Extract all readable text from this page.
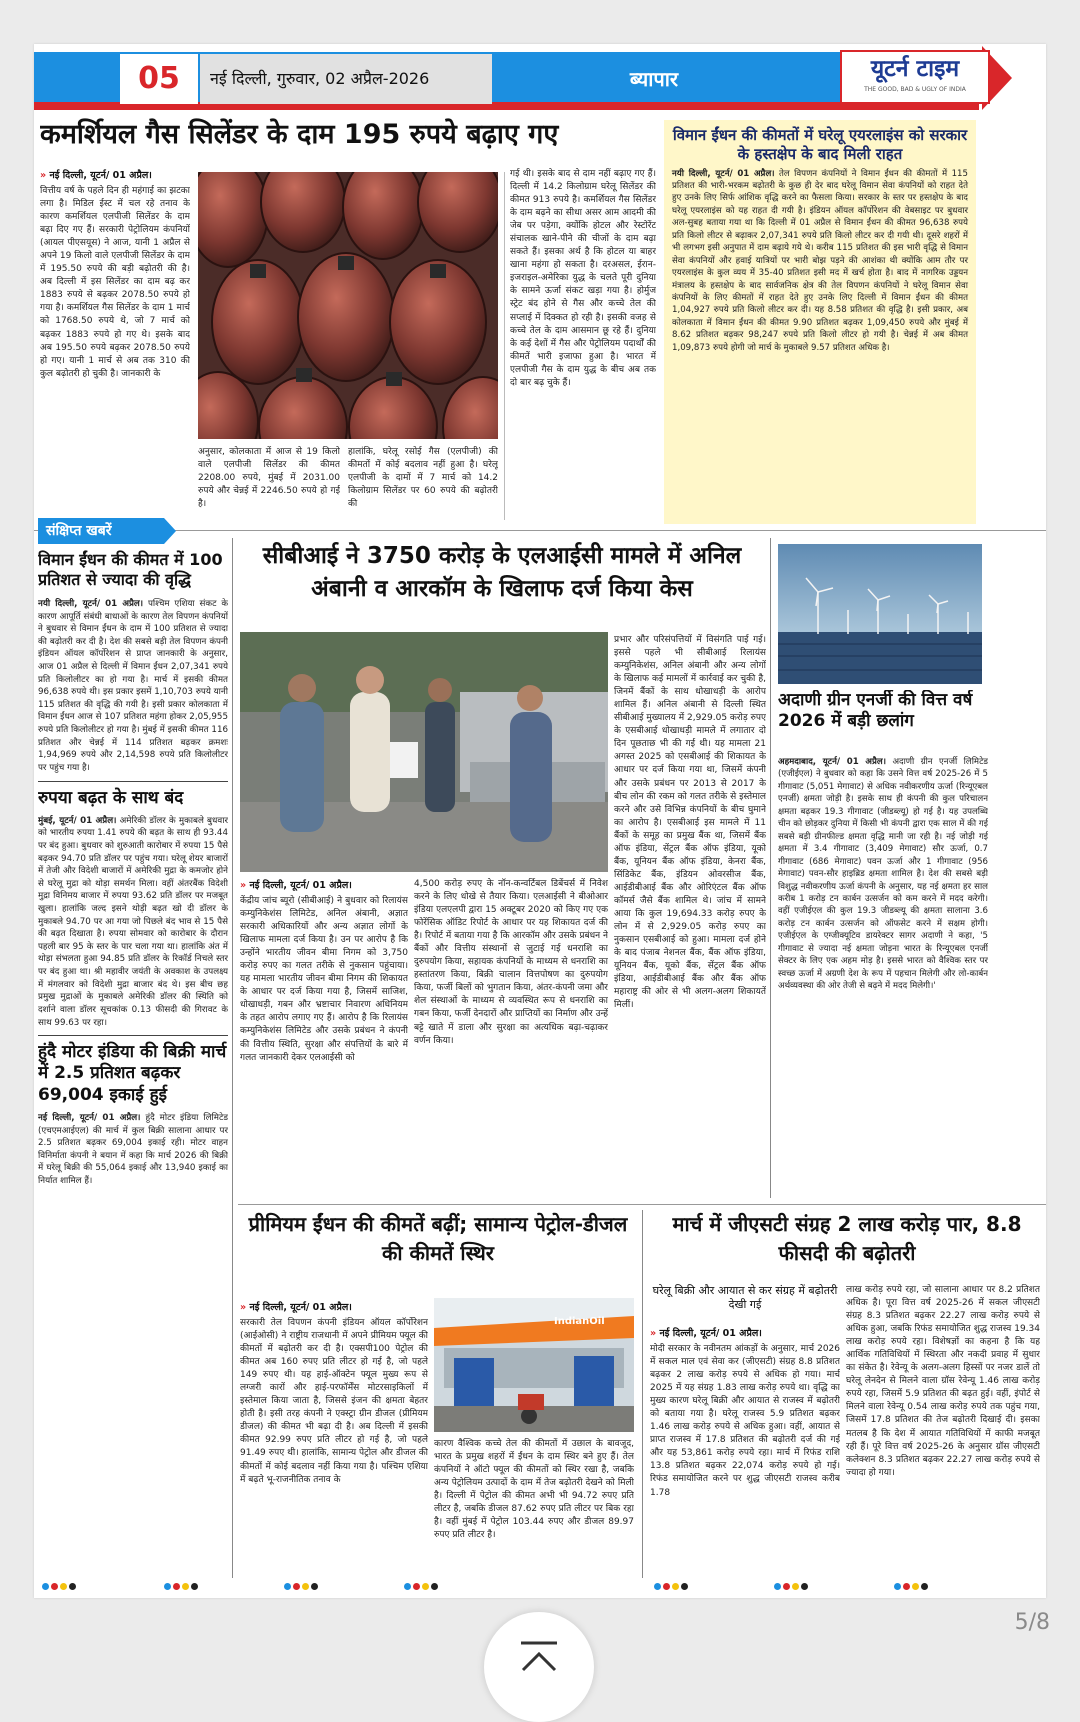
05	नई दिल्ली, गुरुवार, 02 अप्रैल-2026	ब्यापार	यूटर्न टाइम
THE GOOD, BAD & UGLY OF INDIA
कमर्शियल गैस सिलेंडर के दाम 195 रुपये बढ़ाए गए
» नई दिल्ली, यूटर्न/ 01 अप्रैल।

वित्तीय वर्ष के पहले दिन ही महंगाई का झटका लगा है। मिडिल ईस्ट में चल रहे तनाव के कारण कमर्शियल एलपीजी सिलेंडर के दाम बढ़ा दिए गए हैं। सरकारी पेट्रोलियम कंपनियों (आयल पीएसयूस) ने आज, यानी 1 अप्रैल से अपने 19 किलो वाले एलपीजी सिलेंडर के दाम में 195.50 रुपये की बड़ी बढ़ोतरी की है। अब दिल्ली में इस सिलेंडर का दाम बढ़ कर 1883 रुपये से बढ़कर 2078.50 रुपये हो गया है। कमर्शियल गैस सिलेंडर के दाम 1 मार्च को 1768.50 रुपये थे, जो 7 मार्च को बढ़कर 1883 रुपये हो गए थे। इसके बाद अब 195.50 रुपये बढ़कर 2078.50 रुपये हो गए। यानी 1 मार्च से अब तक 310 की कुल बढ़ोतरी हो चुकी है। जानकारी के

अनुसार, कोलकाता में आज से 19 किलो वाले एलपीजी सिलेंडर की कीमत 2208.00 रुपये, मुंबई में 2031.00 रुपये और चेन्नई में 2246.50 रुपये हो गई है।

हालांकि, घरेलू रसोई गैस (एलपीजी) की कीमतों में कोई बदलाव नहीं हुआ है। घरेलू एलपीजी के दामों में 7 मार्च को 14.2 किलोग्राम सिलेंडर पर 60 रुपये की बढ़ोतरी की

गई थी। इसके बाद से दाम नहीं बढ़ाए गए हैं। दिल्ली में 14.2 किलोग्राम घरेलू सिलेंडर की कीमत 913 रुपये है। कमर्शियल गैस सिलेंडर के दाम बढ़ने का सीधा असर आम आदमी की जेब पर पड़ेगा, क्योंकि होटल और रेस्टोरेंट संचालक खाने-पीने की चीजों के दाम बढ़ा सकते हैं। इसका अर्थ है कि होटल या बाहर खाना महंगा हो सकता है। दरअसल, ईरान-इजराइल-अमेरिका युद्ध के चलते पूरी दुनिया के सामने ऊर्जा संकट खड़ा गया है। होर्मुज स्ट्रेट बंद होने से गैस और कच्चे तेल की सप्लाई में दिक्कत हो रही है। इसकी वजह से कच्चे तेल के दाम आसमान छू रहे हैं। दुनिया के कई देशों में गैस और पेट्रोलियम पदार्थों की कीमतें भारी इजाफा हुआ है। भारत में एलपीजी गैस के दाम युद्ध के बीच अब तक दो बार बढ़ चुके हैं।

विमान ईंधन की कीमतों में घरेलू एयरलाइंस को सरकार के हस्तक्षेप के बाद मिली राहत

नयी दिल्ली, यूटर्न/ 01 अप्रैल। तेल विपणन कंपनियों ने विमान ईंधन की कीमतों में 115 प्रतिशत की भारी-भरकम बढ़ोतरी के कुछ ही देर बाद घरेलू विमान सेवा कंपनियों को राहत देते हुए उनके लिए सिर्फ आंशिक वृद्धि करने का फैसला किया। सरकार के स्तर पर हस्तक्षेप के बाद घरेलू एयरलाइंस को यह राहत दी गयी है। इंडियन ऑयल कॉर्पोरेशन की वेबसाइट पर बुधवार अल-सुबह बताया गया था कि दिल्ली में 01 अप्रैल से विमान ईंधन की कीमत 96,638 रुपये प्रति किलो लीटर से बढ़ाकर 2,07,341 रुपये प्रति किलो लीटर कर दी गयी थी। दूसरे शहरों में भी लगभग इसी अनुपात में दाम बढ़ाये गये थे। करीब 115 प्रतिशत की इस भारी वृद्धि से विमान सेवा कंपनियों और हवाई यात्रियों पर भारी बोझ पड़ने की आशंका थी क्योंकि आम तौर पर एयरलाइंस के कुल व्यय में 35-40 प्रतिशत इसी मद में खर्च होता है। बाद में नागरिक उड्डयन मंत्रालय के हस्तक्षेप के बाद सार्वजनिक क्षेत्र की तेल विपणन कंपनियों ने घरेलू विमान सेवा कंपनियों के लिए कीमतों में राहत देते हुए उनके लिए दिल्ली में विमान ईंधन की कीमत 1,04,927 रुपये प्रति किलो लीटर कर दी। यह 8.58 प्रतिशत की वृद्धि है। इसी प्रकार, अब कोलकाता में विमान ईंधन की कीमत 9.90 प्रतिशत बढ़कर 1,09,450 रुपये और मुंबई में 8.62 प्रतिशत बढ़कर 98,247 रुपये प्रति किलो लीटर हो गयी है। चेन्नई में अब कीमत 1,09,873 रुपये होगी जो मार्च के मुकाबले 9.57 प्रतिशत अधिक है।

संक्षिप्त खबरें
विमान ईंधन की कीमत में 100 प्रतिशत से ज्यादा की वृद्धि

नयी दिल्ली, यूटर्न/ 01 अप्रैल। पश्चिम एशिया संकट के कारण आपूर्ति संबंधी बाधाओं के कारण तेल विपणन कंपनियों ने बुधवार से विमान ईंधन के दाम में 100 प्रतिशत से ज्यादा की बढ़ोतरी कर दी है। देश की सबसे बड़ी तेल विपणन कंपनी इंडियन ऑयल कॉर्पोरेशन से प्राप्त जानकारी के अनुसार, आज 01 अप्रैल से दिल्ली में विमान ईंधन 2,07,341 रुपये प्रति किलोलीटर का हो गया है। मार्च में इसकी कीमत 96,638 रुपये थी। इस प्रकार इसमें 1,10,703 रुपये यानी 115 प्रतिशत की वृद्धि की गयी है। इसी प्रकार कोलकाता में विमान ईंधन आज से 107 प्रतिशत महंगा होकर 2,05,955 रुपये प्रति किलोलीटर हो गया है। मुंबई में इसकी कीमत 116 प्रतिशत और चेन्नई में 114 प्रतिशत बढ़कर क्रमशः 1,94,969 रुपये और 2,14,598 रुपये प्रति किलोलीटर पर पहुंच गया है।

रुपया बढ़त के साथ बंद

मुंबई, यूटर्न/ 01 अप्रैल। अमेरिकी डॉलर के मुकाबले बुधवार को भारतीय रुपया 1.41 रुपये की बढ़त के साथ ही 93.44 पर बंद हुआ। बुधवार को शुरुआती कारोबार में रुपया 15 पैसे बढ़कर 94.70 प्रति डॉलर पर पहुंच गया। घरेलू शेयर बाजारों में तेजी और विदेशी बाजारों में अमेरिकी मुद्रा के कमजोर होने से घरेलू मुद्रा को थोड़ा समर्थन मिला। वहीं अंतरबैंक विदेशी मुद्रा विनिमय बाजार में रुपया 93.62 प्रति डॉलर पर मजबूत खुला। हालांकि जल्द इसने थोड़ी बढ़त खो दी डॉलर के मुकाबले 94.70 पर आ गया जो पिछले बंद भाव से 15 पैसे की बढ़त दिखाता है। रुपया सोमवार को कारोबार के दौरान पहली बार 95 के स्तर के पार चला गया था। हालांकि अंत में थोड़ा संभलता हुआ 94.85 प्रति डॉलर के रिकॉर्ड निचले स्तर पर बंद हुआ था। श्री महावीर जयंती के अवकाश के उपलक्ष्य में मंगलवार को विदेशी मुद्रा बाजार बंद थे। इस बीच छह प्रमुख मुद्राओं के मुकाबले अमेरिकी डॉलर की स्थिति को दर्शाने वाला डॉलर सूचकांक 0.13 फीसदी की गिरावट के साथ 99.63 पर रहा।

हुंदै मोटर इंडिया की बिक्री मार्च में 2.5 प्रतिशत बढ़कर 69,004 इकाई हुई

नई दिल्ली, यूटर्न/ 01 अप्रैल। हुंदै मोटर इंडिया लिमिटेड (एचएमआईएल) की मार्च में कुल बिक्री सालाना आधार पर 2.5 प्रतिशत बढ़कर 69,004 इकाई रही। मोटर वाहन विनिर्माता कंपनी ने बयान में कहा कि मार्च 2026 की बिक्री में घरेलू बिक्री की 55,064 इकाई और 13,940 इकाई का निर्यात शामिल हैं।

सीबीआई ने 3750 करोड़ के एलआईसी मामले में अनिल अंबानी व आरकॉम के खिलाफ दर्ज किया केस
» नई दिल्ली, यूटर्न/ 01 अप्रैल।

केंद्रीय जांच ब्यूरो (सीबीआई) ने बुधवार को रिलायंस कम्युनिकेशंस लिमिटेड, अनिल अंबानी, अज्ञात सरकारी अधिकारियों और अन्य अज्ञात लोगों के खिलाफ मामला दर्ज किया है। उन पर आरोप है कि उन्होंने भारतीय जीवन बीमा निगम को 3,750 करोड़ रुपए का गलत तरीके से नुकसान पहुंचाया। यह मामला भारतीय जीवन बीमा निगम की शिकायत के आधार पर दर्ज किया गया है, जिसमें साजिश, धोखाधड़ी, गबन और भ्रष्टाचार निवारण अधिनियम के तहत आरोप लगाए गए हैं। आरोप है कि रिलायंस कम्युनिकेशंस लिमिटेड और उसके प्रबंधन ने कंपनी की वित्तीय स्थिति, सुरक्षा और संपत्तियों के बारे में गलत जानकारी देकर एलआईसी को

4,500 करोड़ रुपए के नॉन-कन्वर्टिबल डिबेंचर्स में निवेश करने के लिए धोखे से तैयार किया। एलआईसी ने बीओआर इंडिया एलएलपी द्वारा 15 अक्टूबर 2020 को किए गए एक फोरेंसिक ऑडिट रिपोर्ट के आधार पर यह शिकायत दर्ज की है। रिपोर्ट में बताया गया है कि आरकॉम और उसके प्रबंधन ने बैंकों और वित्तीय संस्थानों से जुटाई गई धनराशि का दुरुपयोग किया, सहायक कंपनियों के माध्यम से धनराशि का हस्तांतरण किया, बिक्री चालान वित्तपोषण का दुरुपयोग किया, फर्जी बिलों को भुगतान किया, अंतर-कंपनी जमा और शेल संस्थाओं के माध्यम से व्यवस्थित रूप से धनराशि का गबन किया, फर्जी देनदारों और प्राप्तियों का निर्माण और उन्हें बट्टे खाते में डाला और सुरक्षा का अत्यधिक बढ़ा-चढ़ाकर वर्णन किया।

प्रभार और परिसंपत्तियों में विसंगति पाई गई। इससे पहले भी सीबीआई रिलायंस कम्युनिकेशंस, अनिल अंबानी और अन्य लोगों के खिलाफ कई मामलों में कार्रवाई कर चुकी है, जिनमें बैंकों के साथ धोखाधड़ी के आरोप शामिल हैं। अनिल अंबानी से दिल्ली स्थित सीबीआई मुख्यालय में 2,929.05 करोड़ रुपए के एसबीआई धोखाधड़ी मामले में लगातार दो दिन पूछताछ भी की गई थी। यह मामला 21 अगस्त 2025 को एसबीआई की शिकायत के आधार पर दर्ज किया गया था, जिसमें कंपनी और उसके प्रबंधन पर 2013 से 2017 के बीच लोन की रकम को गलत तरीके से इस्तेमाल करने और उसे विभिन्न कंपनियों के बीच घुमाने का आरोप है। एसबीआई इस मामले में 11 बैंकों के समूह का प्रमुख बैंक था, जिसमें बैंक ऑफ इंडिया, सेंट्रल बैंक ऑफ इंडिया, यूको बैंक, यूनियन बैंक ऑफ इंडिया, केनरा बैंक, सिंडिकेट बैंक, इंडियन ओवरसीज बैंक, आईडीबीआई बैंक और ओरिएंटल बैंक ऑफ कॉमर्स जैसे बैंक शामिल थे। जांच में सामने आया कि कुल 19,694.33 करोड़ रुपए के लोन में से 2,929.05 करोड़ रुपए का नुकसान एसबीआई को हुआ। मामला दर्ज होने के बाद पंजाब नेशनल बैंक, बैंक ऑफ इंडिया, यूनियन बैंक, यूको बैंक, सेंट्रल बैंक ऑफ इंडिया, आईडीबीआई बैंक और बैंक ऑफ महाराष्ट्र की ओर से भी अलग-अलग शिकायतें मिलीं।

अदाणी ग्रीन एनर्जी की वित्त वर्ष 2026 में बड़ी छलांग

अहमदाबाद, यूटर्न/ 01 अप्रैल। अदाणी ग्रीन एनर्जी लिमिटेड (एजीईएल) ने बुधवार को कहा कि उसने वित्त वर्ष 2025-26 में 5 गीगावाट (5,051 मेगावाट) से अधिक नवीकरणीय ऊर्जा (रिन्यूएबल एनर्जी) क्षमता जोड़ी है। इसके साथ ही कंपनी की कुल परिचालन क्षमता बढ़कर 19.3 गीगावाट (जीडब्ल्यू) हो गई है। यह उपलब्धि चीन को छोड़कर दुनिया में किसी भी कंपनी द्वारा एक साल में की गई सबसे बड़ी ग्रीनफील्ड क्षमता वृद्धि मानी जा रही है। नई जोड़ी गई क्षमता में 3.4 गीगावाट (3,409 मेगावाट) सौर ऊर्जा, 0.7 गीगावाट (686 मेगावाट) पवन ऊर्जा और 1 गीगावाट (956 मेगावाट) पवन-सौर हाइब्रिड क्षमता शामिल है। देश की सबसे बड़ी विशुद्ध नवीकरणीय ऊर्जा कंपनी के अनुसार, यह नई क्षमता हर साल करीब 1 करोड़ टन कार्बन उत्सर्जन को कम करने में मदद करेगी। वहीं एजीईएल की कुल 19.3 जीडब्ल्यू की क्षमता सालाना 3.6 करोड़ टन कार्बन उत्सर्जन को ऑफसेट करने में सक्षम होगी। एजीईएल के एग्जीक्यूटिव डायरेक्टर सागर अदाणी ने कहा, '5 गीगावाट से ज्यादा नई क्षमता जोड़ना भारत के रिन्यूएबल एनर्जी सेक्टर के लिए एक अहम मोड़ है। इससे भारत को वैश्विक स्तर पर स्वच्छ ऊर्जा में अग्रणी देश के रूप में पहचान मिलेगी और लो-कार्बन अर्थव्यवस्था की ओर तेजी से बढ़ने में मदद मिलेगी।'

प्रीमियम ईंधन की कीमतें बढ़ीं; सामान्य पेट्रोल-डीजल की कीमतें स्थिर
» नई दिल्ली, यूटर्न/ 01 अप्रैल।

सरकारी तेल विपणन कंपनी इंडियन ऑयल कॉर्पोरेशन (आईओसी) ने राष्ट्रीय राजधानी में अपने प्रीमियम फ्यूल की कीमतों में बढ़ोतरी कर दी है। एक्सपी100 पेट्रोल की कीमत अब 160 रुपए प्रति लीटर हो गई है, जो पहले 149 रुपए थी। यह हाई-ऑक्टेन फ्यूल मुख्य रूप से लग्जरी कारों और हाई-परफॉर्मेंस मोटरसाइकिलों में इस्तेमाल किया जाता है, जिससे इंजन की क्षमता बेहतर होती है। इसी तरह कंपनी ने एक्स्ट्रा ग्रीन डीजल (प्रीमियम डीजल) की कीमत भी बढ़ा दी है। अब दिल्ली में इसकी कीमत 92.99 रुपए प्रति लीटर हो गई है, जो पहले 91.49 रुपए थी। हालांकि, सामान्य पेट्रोल और डीजल की कीमतों में कोई बदलाव नहीं किया गया है। पश्चिम एशिया में बढ़ते भू-राजनीतिक तनाव के

IndianOil

कारण वैश्विक कच्चे तेल की कीमतों में उछाल के बावजूद, भारत के प्रमुख शहरों में ईंधन के दाम स्थिर बने हुए हैं। तेल कंपनियों ने ऑटो फ्यूल की कीमतों को स्थिर रखा है, जबकि अन्य पेट्रोलियम उत्पादों के दाम में तेज बढ़ोतरी देखने को मिली है। दिल्ली में पेट्रोल की कीमत अभी भी 94.72 रुपए प्रति लीटर है, जबकि डीजल 87.62 रुपए प्रति लीटर पर बिक रहा है। वहीं मुंबई में पेट्रोल 103.44 रुपए और डीजल 89.97 रुपए प्रति लीटर है।

मार्च में जीएसटी संग्रह 2 लाख करोड़ पार, 8.8 फीसदी की बढ़ोतरी
घरेलू बिक्री और आयात से कर संग्रह में बढ़ोतरी देखी गई
» नई दिल्ली, यूटर्न/ 01 अप्रैल।

मोदी सरकार के नवीनतम आंकड़ों के अनुसार, मार्च 2026 में सकल माल एवं सेवा कर (जीएसटी) संग्रह 8.8 प्रतिशत बढ़कर 2 लाख करोड़ रुपये से अधिक हो गया। मार्च 2025 में यह संग्रह 1.83 लाख करोड़ रुपये था। वृद्धि का मुख्य कारण घरेलू बिक्री और आयात से राजस्व में बढ़ोतरी को बताया गया है। घरेलू राजस्व 5.9 प्रतिशत बढ़कर 1.46 लाख करोड़ रुपये से अधिक हुआ। वहीं, आयात से प्राप्त राजस्व में 17.8 प्रतिशत की बढ़ोतरी दर्ज की गई और यह 53,861 करोड़ रुपये रहा। मार्च में रिफंड राशि 13.8 प्रतिशत बढ़कर 22,074 करोड़ रुपये हो गई। रिफंड समायोजित करने पर शुद्ध जीएसटी राजस्व करीब 1.78

लाख करोड़ रुपये रहा, जो सालाना आधार पर 8.2 प्रतिशत अधिक है। पूरा वित्त वर्ष 2025-26 में सकल जीएसटी संग्रह 8.3 प्रतिशत बढ़कर 22.27 लाख करोड़ रुपये से अधिक हुआ, जबकि रिफंड समायोजित शुद्ध राजस्व 19.34 लाख करोड़ रुपये रहा। विशेषज्ञों का कहना है कि यह आर्थिक गतिविधियों में स्थिरता और नकदी प्रवाह में सुधार का संकेत है। रेवेन्यू के अलग-अलग हिस्सों पर नजर डालें तो घरेलू लेनदेन से मिलने वाला ग्रॉस रेवेन्यू 1.46 लाख करोड़ रुपये रहा, जिसमें 5.9 प्रतिशत की बढ़त हुई। वहीं, इंपोर्ट से मिलने वाला रेवेन्यू 0.54 लाख करोड़ रुपये तक पहुंच गया, जिसमें 17.8 प्रतिशत की तेज बढ़ोतरी दिखाई दी। इसका मतलब है कि देश में आयात गतिविधियों में काफी मजबूत रही हैं। पूरे वित्त वर्ष 2025-26 के अनुसार ग्रॉस जीएसटी कलेक्शन 8.3 प्रतिशत बढ़कर 22.27 लाख करोड़ रुपये से ज्यादा हो गया।

5/8
